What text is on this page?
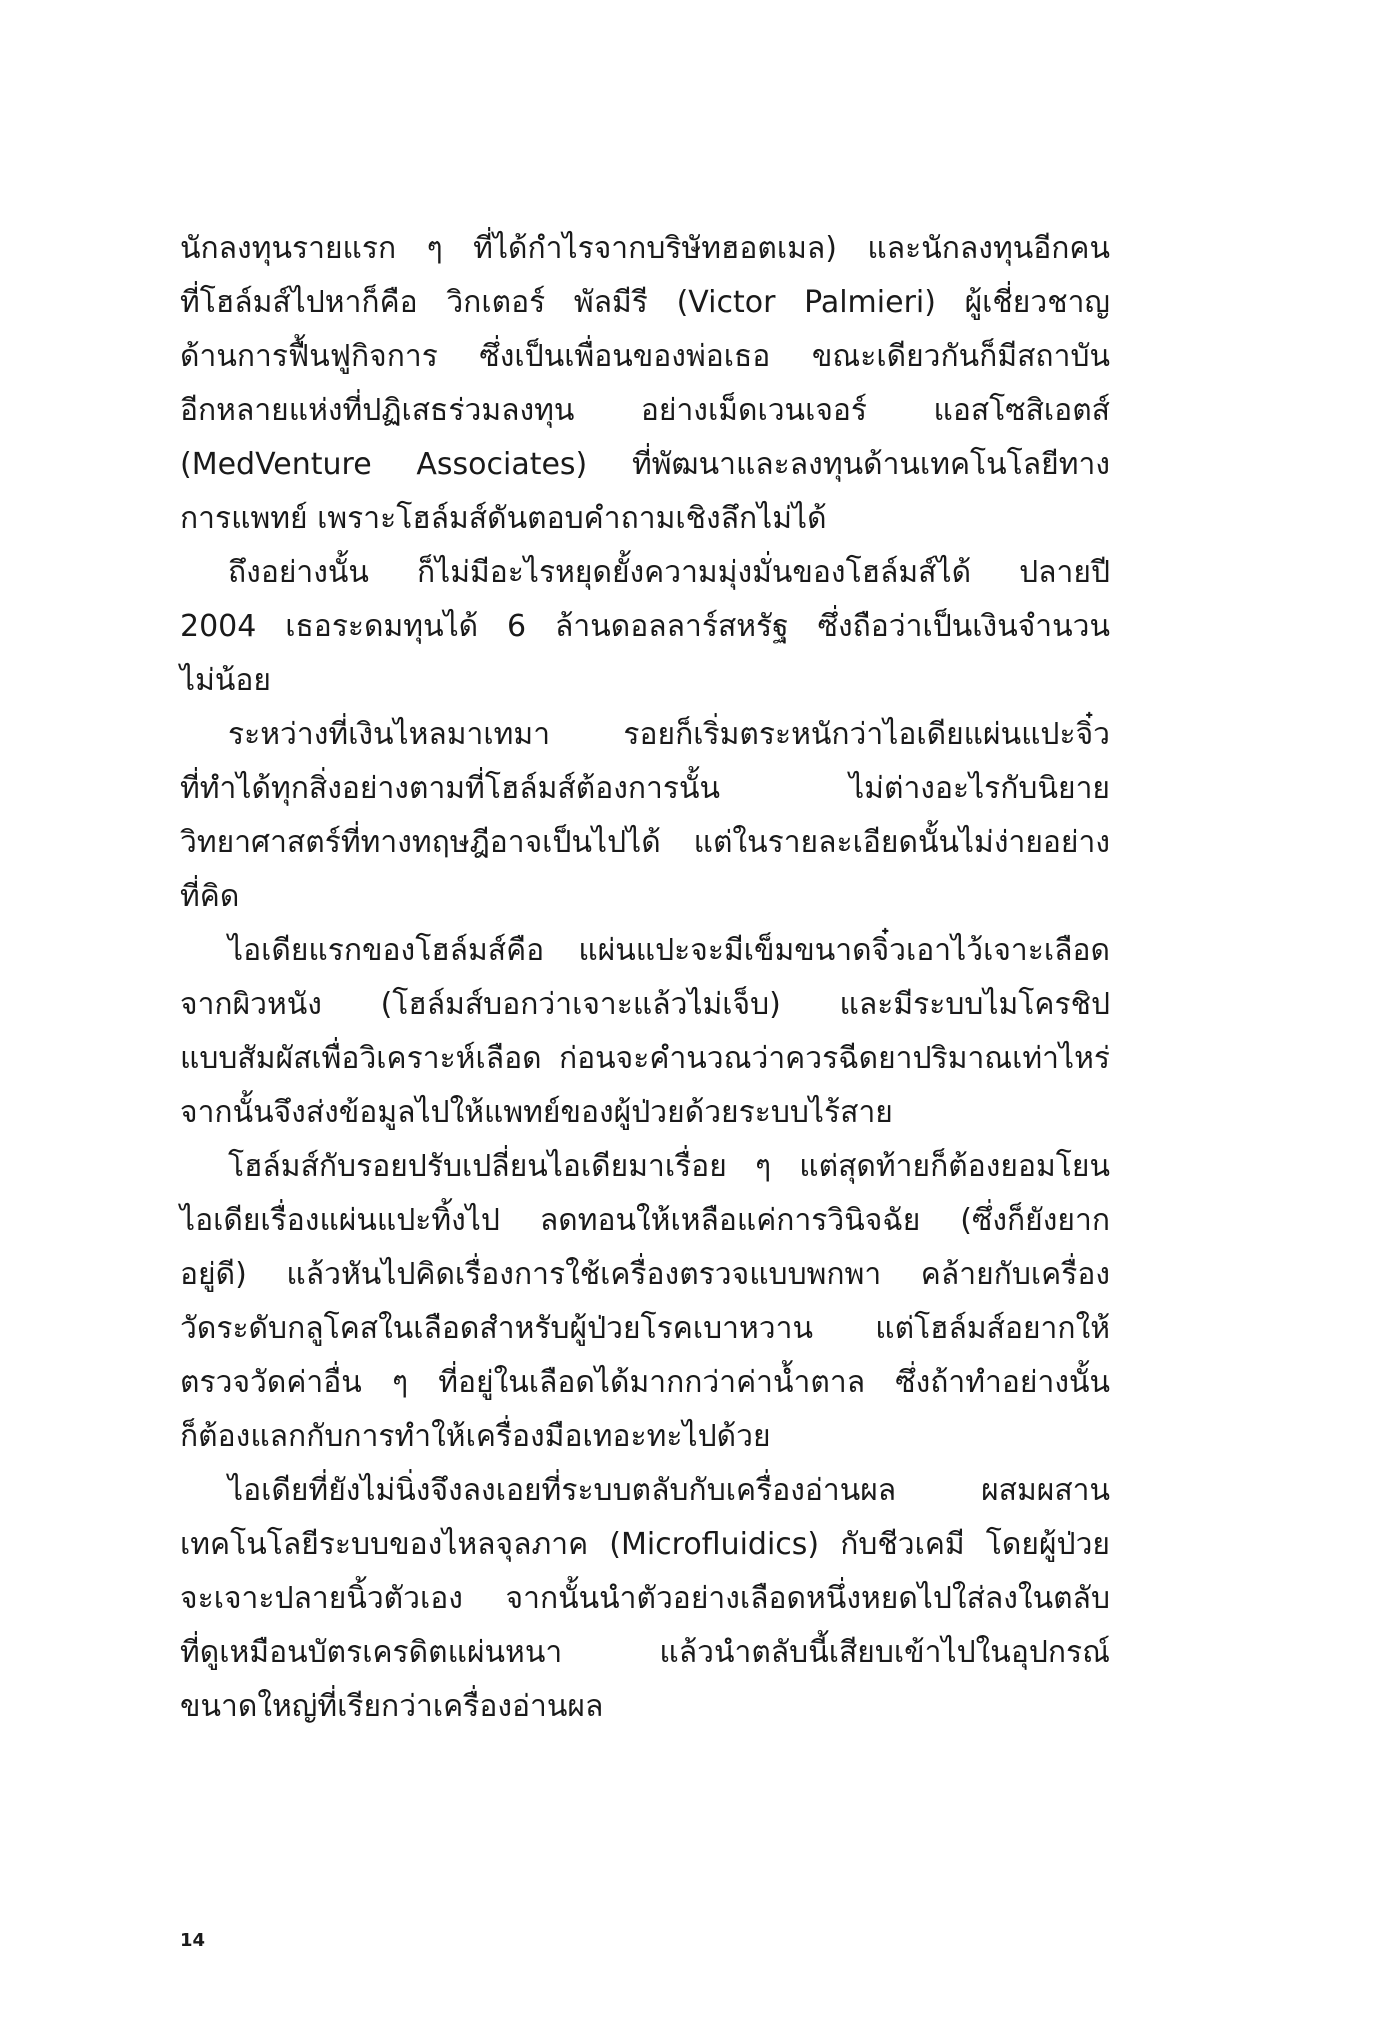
นักลงทุนรายแรก ๆ ที่ได้กำไรจากบริษัทฮอตเมล) และนักลงทุนอีกคน
ที่โฮล์มส์ไปหาก็คือ วิกเตอร์ พัลมีรี (Victor Palmieri) ผู้เชี่ยวชาญ
ด้านการฟื้นฟูกิจการ ซึ่งเป็นเพื่อนของพ่อเธอ ขณะเดียวกันก็มีสถาบัน
อีกหลายแห่งที่ปฏิเสธร่วมลงทุน อย่างเม็ดเวนเจอร์ แอสโซสิเอตส์
(MedVenture Associates) ที่พัฒนาและลงทุนด้านเทคโนโลยีทาง
การแพทย์ เพราะโฮล์มส์ดันตอบคำถามเชิงลึกไม่ได้

ถึงอย่างนั้น ก็ไม่มีอะไรหยุดยั้งความมุ่งมั่นของโฮล์มส์ได้ ปลายปี
2004 เธอระดมทุนได้ 6 ล้านดอลลาร์สหรัฐ ซึ่งถือว่าเป็นเงินจำนวน
ไม่น้อย

ระหว่างที่เงินไหลมาเทมา รอยก็เริ่มตระหนักว่าไอเดียแผ่นแปะจิ๋ว
ที่ทำได้ทุกสิ่งอย่างตามที่โฮล์มส์ต้องการนั้น ไม่ต่างอะไรกับนิยาย
วิทยาศาสตร์ที่ทางทฤษฎีอาจเป็นไปได้ แต่ในรายละเอียดนั้นไม่ง่ายอย่าง
ที่คิด

ไอเดียแรกของโฮล์มส์คือ แผ่นแปะจะมีเข็มขนาดจิ๋วเอาไว้เจาะเลือด
จากผิวหนัง (โฮล์มส์บอกว่าเจาะแล้วไม่เจ็บ) และมีระบบไมโครชิป
แบบสัมผัสเพื่อวิเคราะห์เลือด ก่อนจะคำนวณว่าควรฉีดยาปริมาณเท่าไหร่
จากนั้นจึงส่งข้อมูลไปให้แพทย์ของผู้ป่วยด้วยระบบไร้สาย

โฮล์มส์กับรอยปรับเปลี่ยนไอเดียมาเรื่อย ๆ แต่สุดท้ายก็ต้องยอมโยน
ไอเดียเรื่องแผ่นแปะทิ้งไป ลดทอนให้เหลือแค่การวินิจฉัย (ซึ่งก็ยังยาก
อยู่ดี) แล้วหันไปคิดเรื่องการใช้เครื่องตรวจแบบพกพา คล้ายกับเครื่อง
วัดระดับกลูโคสในเลือดสำหรับผู้ป่วยโรคเบาหวาน แต่โฮล์มส์อยากให้
ตรวจวัดค่าอื่น ๆ ที่อยู่ในเลือดได้มากกว่าค่าน้ำตาล ซึ่งถ้าทำอย่างนั้น
ก็ต้องแลกกับการทำให้เครื่องมือเทอะทะไปด้วย

ไอเดียที่ยังไม่นิ่งจึงลงเอยที่ระบบตลับกับเครื่องอ่านผล ผสมผสาน
เทคโนโลยีระบบของไหลจุลภาค (Microfluidics) กับชีวเคมี โดยผู้ป่วย
จะเจาะปลายนิ้วตัวเอง จากนั้นนำตัวอย่างเลือดหนึ่งหยดไปใส่ลงในตลับ
ที่ดูเหมือนบัตรเครดิตแผ่นหนา แล้วนำตลับนี้เสียบเข้าไปในอุปกรณ์
ขนาดใหญ่ที่เรียกว่าเครื่องอ่านผล

14
